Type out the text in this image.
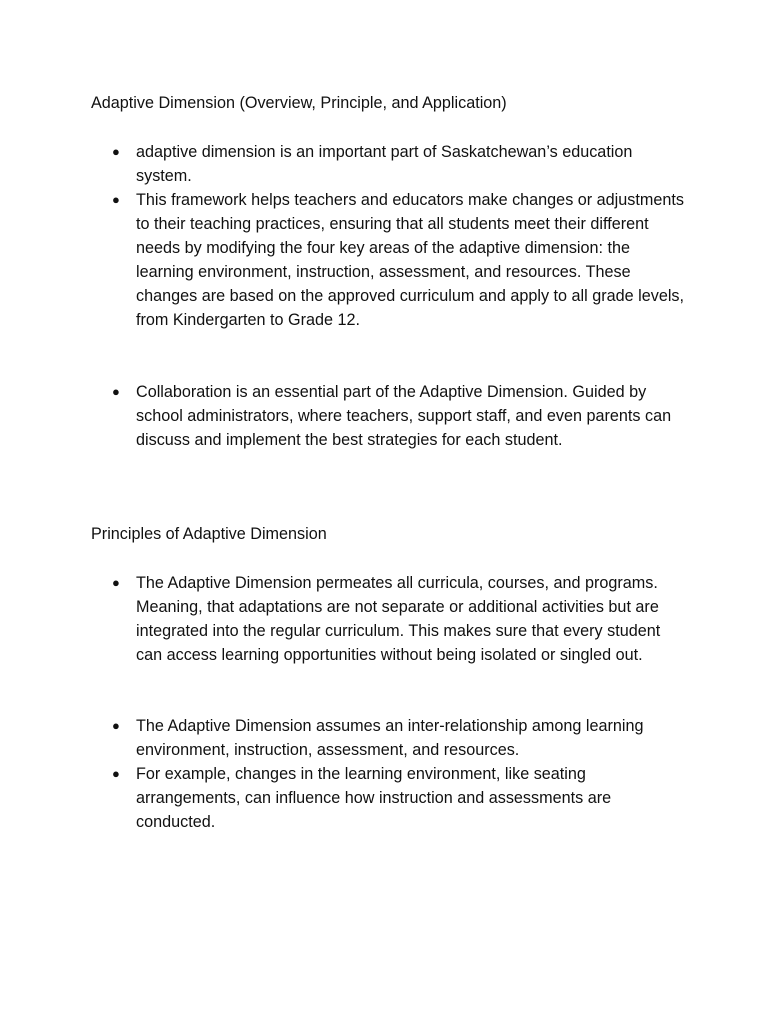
Adaptive Dimension (Overview, Principle, and Application)
● adaptive dimension is an important part of Saskatchewan’s education system.
● This framework helps teachers and educators make changes or adjustments to their teaching practices, ensuring that all students meet their different needs by modifying the four key areas of the adaptive dimension: the learning environment, instruction, assessment, and resources. These changes are based on the approved curriculum and apply to all grade levels, from Kindergarten to Grade 12.
● Collaboration is an essential part of the Adaptive Dimension. Guided by school administrators, where teachers, support staff, and even parents can discuss and implement the best strategies for each student.
Principles of Adaptive Dimension
● The Adaptive Dimension permeates all curricula, courses, and programs. Meaning, that adaptations are not separate or additional activities but are integrated into the regular curriculum. This makes sure that every student can access learning opportunities without being isolated or singled out.
● The Adaptive Dimension assumes an inter-relationship among learning environment, instruction, assessment, and resources.
● For example, changes in the learning environment, like seating arrangements, can influence how instruction and assessments are conducted.
